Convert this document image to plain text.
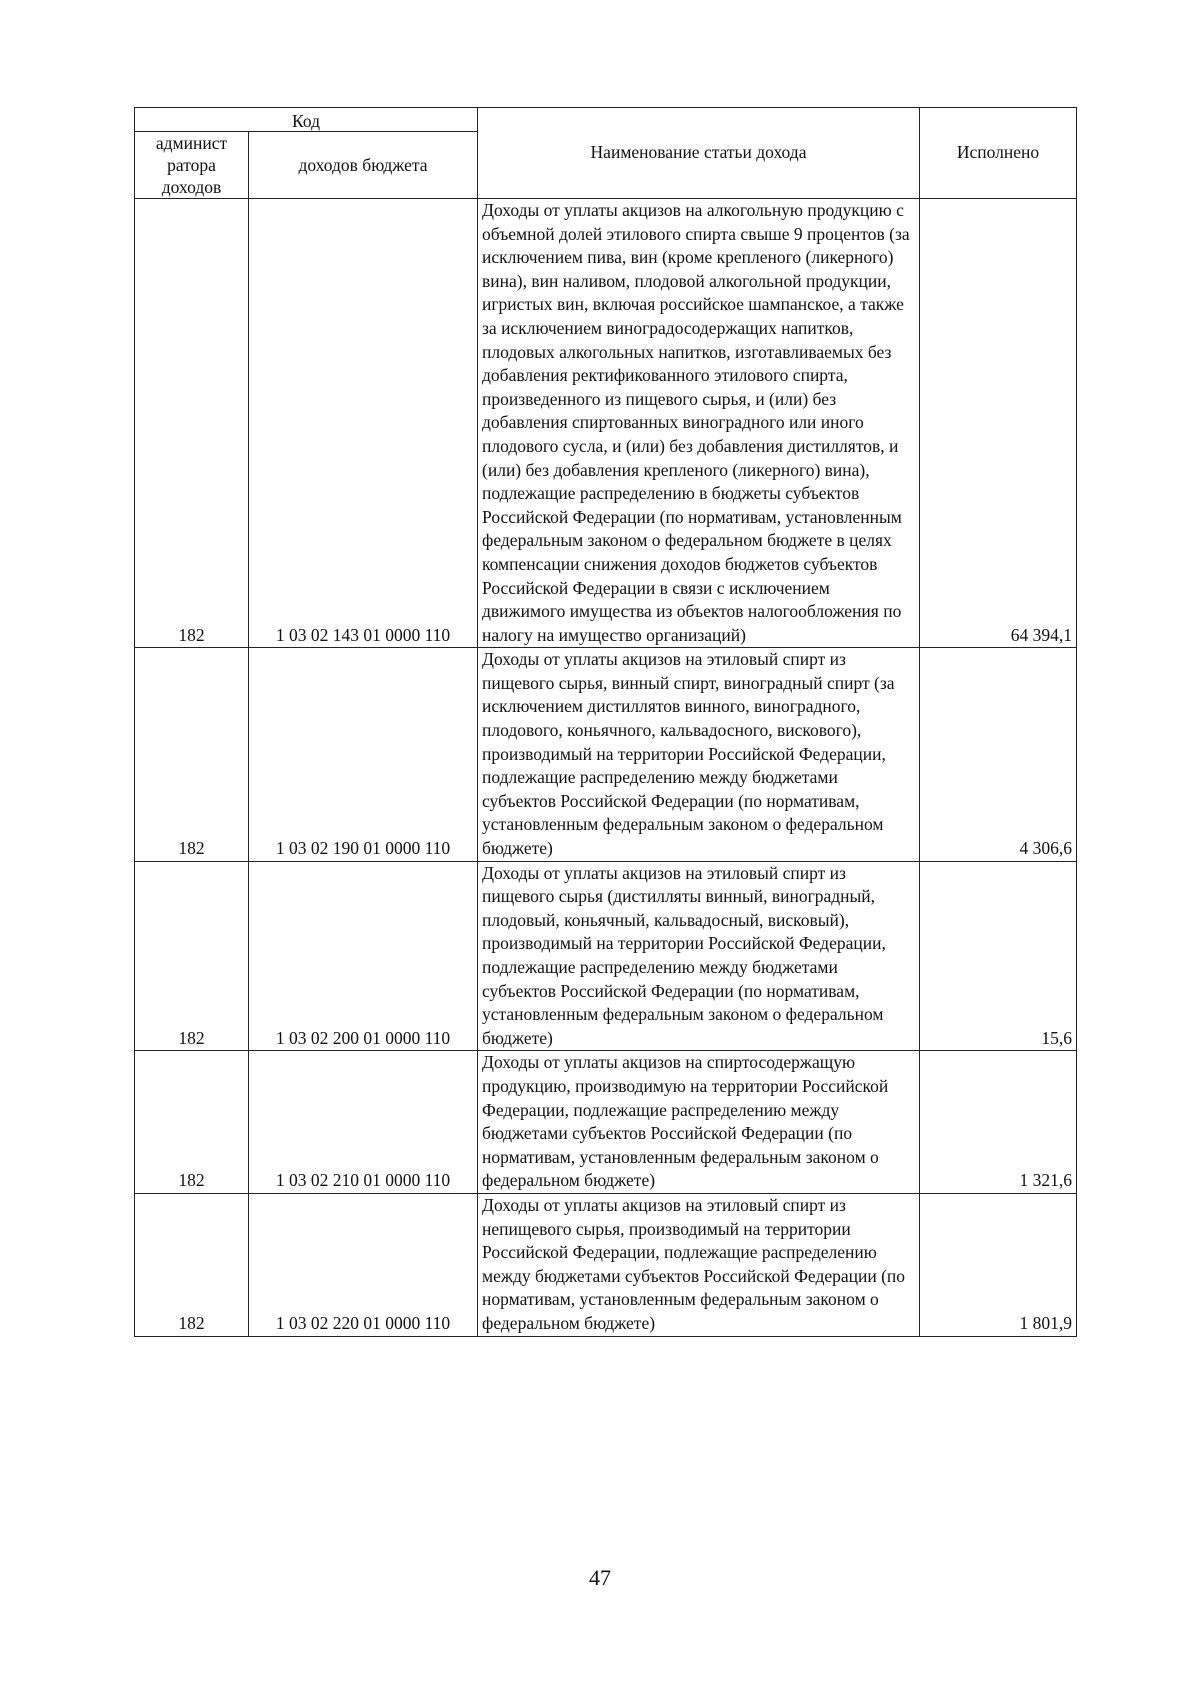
Код		Наименование статьи дохода	Исполнено
админист ратора доходов	доходов бюджета		
182	1 03 02 143 01 0000 110	Доходы от уплаты акцизов на алкогольную продукцию с объемной долей этилового спирта свыше 9 процентов (за исключением пива, вин (кроме крепленого (ликерного) вина), вин наливом, плодовой алкогольной продукции, игристых вин, включая российское шампанское, а также за исключением виноградосодержащих напитков, плодовых алкогольных напитков, изготавливаемых без добавления ректификованного этилового спирта, произведенного из пищевого сырья, и (или) без добавления спиртованных виноградного или иного плодового сусла, и (или) без добавления дистиллятов, и (или) без добавления крепленого (ликерного) вина), подлежащие распределению в бюджеты субъектов Российской Федерации (по нормативам, установленным федеральным законом о федеральном бюджете в целях компенсации снижения доходов бюджетов субъектов Российской Федерации в связи с исключением движимого имущества из объектов налогообложения по налогу на имущество организаций)	64 394,1
182	1 03 02 190 01 0000 110	Доходы от уплаты акцизов на этиловый спирт из пищевого сырья, винный спирт, виноградный спирт (за исключением дистиллятов винного, виноградного, плодового, коньячного, кальвадосного, вискового), производимый на территории Российской Федерации, подлежащие распределению между бюджетами субъектов Российской Федерации (по нормативам, установленным федеральным законом о федеральном бюджете)	4 306,6
182	1 03 02 200 01 0000 110	Доходы от уплаты акцизов на этиловый спирт из пищевого сырья (дистилляты винный, виноградный, плодовый, коньячный, кальвадосный, висковый), производимый на территории Российской Федерации, подлежащие распределению между бюджетами субъектов Российской Федерации (по нормативам, установленным федеральным законом о федеральном бюджете)	15,6
182	1 03 02 210 01 0000 110	Доходы от уплаты акцизов на спиртосодержащую продукцию, производимую на территории Российской Федерации, подлежащие распределению между бюджетами субъектов Российской Федерации (по нормативам, установленным федеральным законом о федеральном бюджете)	1 321,6
182	1 03 02 220 01 0000 110	Доходы от уплаты акцизов на этиловый спирт из непищевого сырья, производимый на территории Российской Федерации, подлежащие распределению между бюджетами субъектов Российской Федерации (по нормативам, установленным федеральным законом о федеральном бюджете)	1 801,9
47
